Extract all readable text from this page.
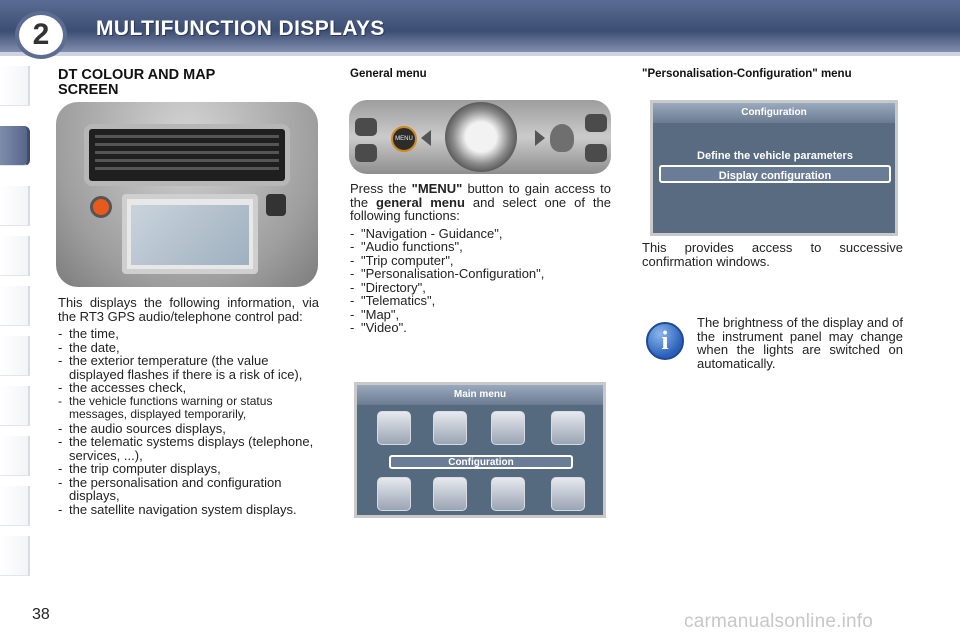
2	MULTIFUNCTION DISPLAYS
DT COLOUR AND MAP SCREEN

This displays the following information, via the RT3 GPS audio/telephone control pad:

- the time,
- the date,
- the exterior temperature (the value displayed flashes if there is a risk of ice),
- the accesses check,
- the vehicle functions warning or status messages, displayed temporarily,
- the audio sources displays,
- the telematic systems displays (telephone, services, ...),
- the trip computer displays,
- the personalisation and configuration displays,
- the satellite navigation system displays.
General menu
MENU

Press the "MENU" button to gain access to the general menu and select one of the following functions:

- "Navigation - Guidance",
- "Audio functions",
- "Trip computer",
- "Personalisation-Configuration",
- "Directory",
- "Telematics",
- "Map",
- "Video".
Main menu
Configuration
"Personalisation-Configuration" menu
Configuration
Define the vehicle parameters
Display configuration

This provides access to successive confirmation windows.

i

The brightness of the display and of the instrument panel may change when the lights are switched on automatically.

38	carmanualsonline.info
